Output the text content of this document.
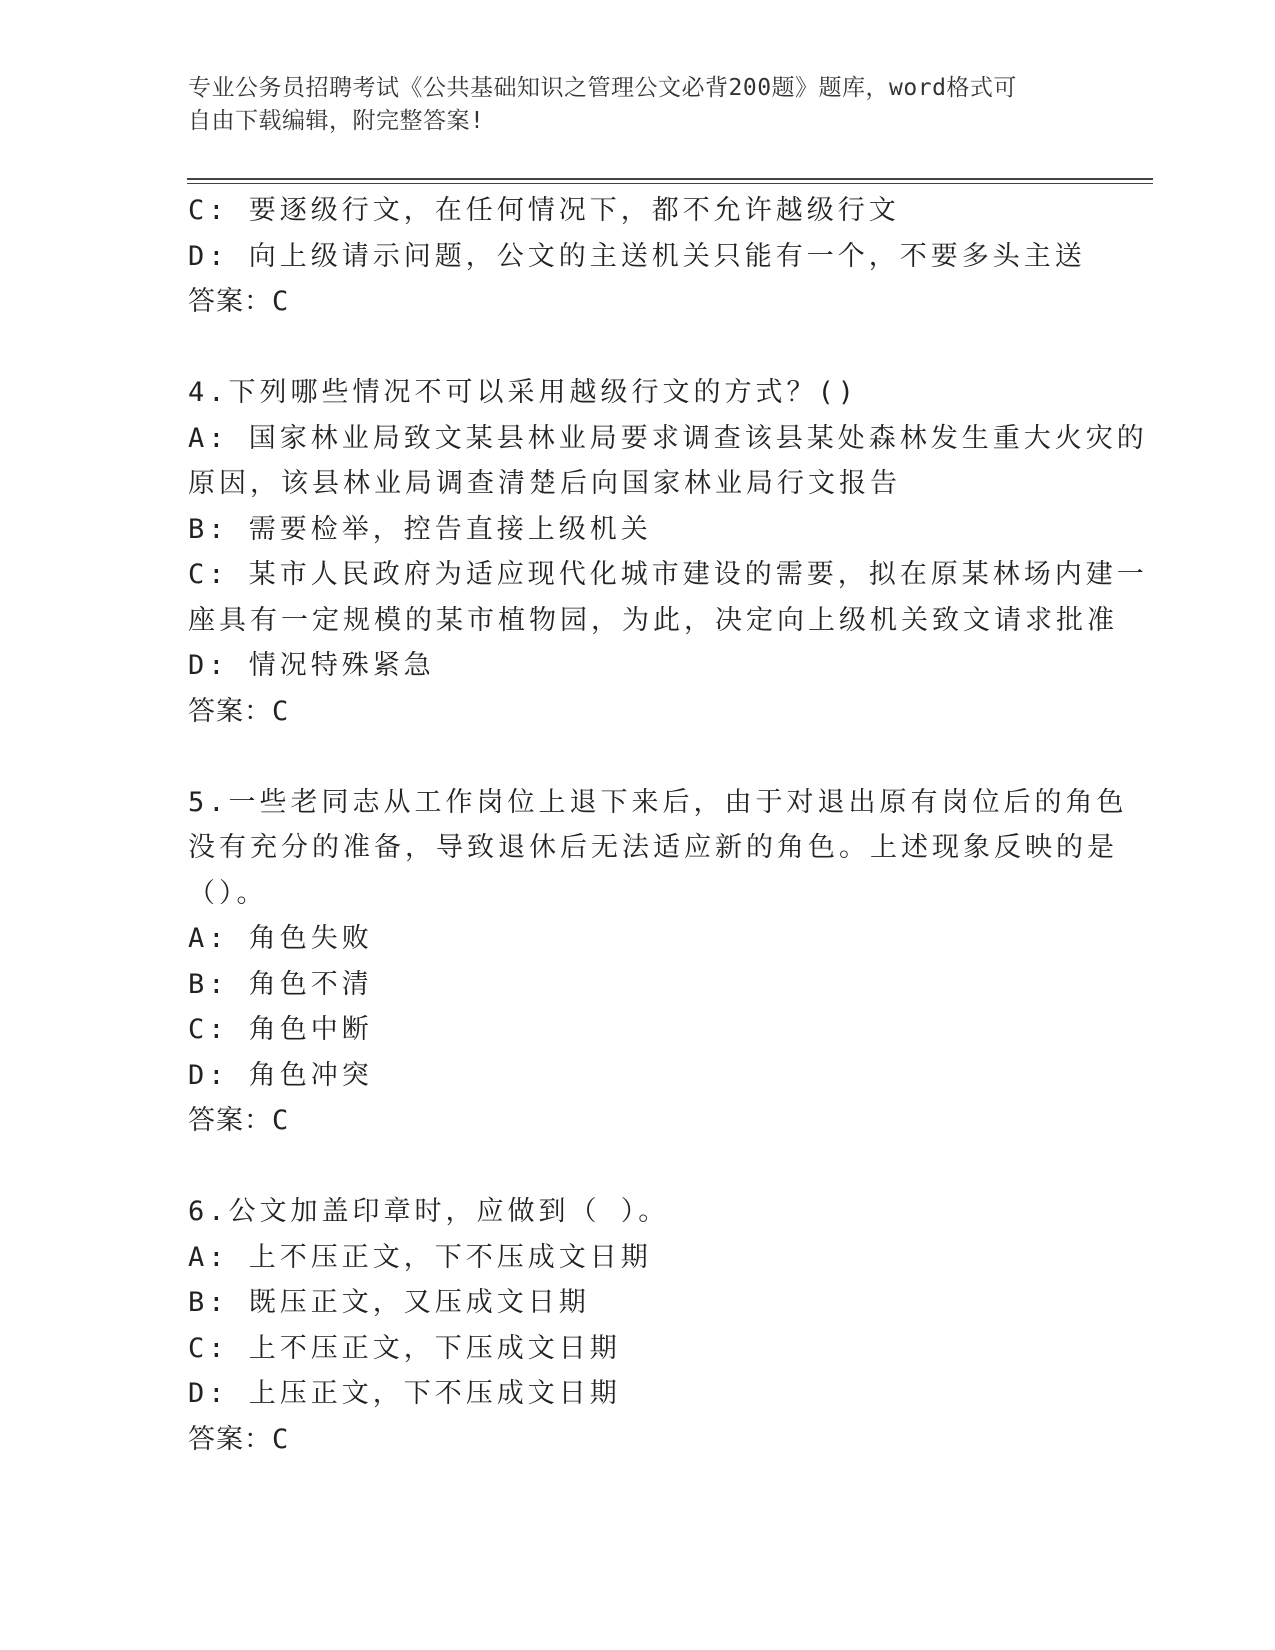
专业公务员招聘考试《公共基础知识之管理公文必背200题》题库，word格式可
自由下载编辑，附完整答案!
C: 要逐级行文，在任何情况下，都不允许越级行文
D: 向上级请示问题，公文的主送机关只能有一个，不要多头主送
答案：C
4.下列哪些情况不可以采用越级行文的方式？()
A: 国家林业局致文某县林业局要求调查该县某处森林发生重大火灾的
原因，该县林业局调查清楚后向国家林业局行文报告
B: 需要检举，控告直接上级机关
C: 某市人民政府为适应现代化城市建设的需要，拟在原某林场内建一
座具有一定规模的某市植物园，为此，决定向上级机关致文请求批准
D: 情况特殊紧急
答案：C
5.一些老同志从工作岗位上退下来后，由于对退出原有岗位后的角色
没有充分的准备，导致退休后无法适应新的角色。上述现象反映的是
（）。
A: 角色失败
B: 角色不清
C: 角色中断
D: 角色冲突
答案：C
6.公文加盖印章时，应做到（ ）。
A: 上不压正文，下不压成文日期
B: 既压正文，又压成文日期
C: 上不压正文，下压成文日期
D: 上压正文，下不压成文日期
答案：C
